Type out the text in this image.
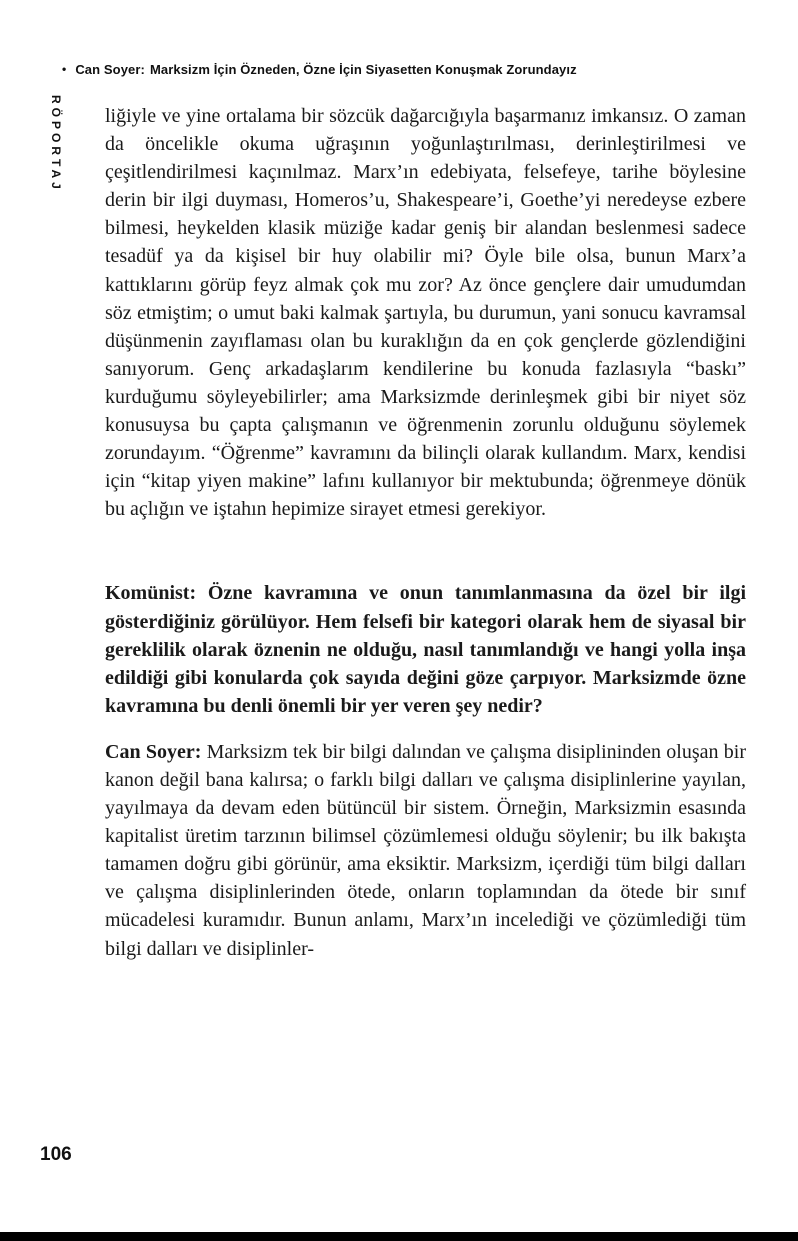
• Can Soyer: Marksizm İçin Özneden, Özne İçin Siyasetten Konuşmak Zorundayız
RÖPORTAJ liğiyle ve yine ortalama bir sözcük dağarcığıyla başarmanız imkansız. O zaman da öncelikle okuma uğraşının yoğunlaştırılması, derinleştirilmesi ve çeşitlendirilmesi kaçınılmaz. Marx’ın edebiyata, felsefeye, tarihe böylesine derin bir ilgi duyması, Homeros’u, Shakespeare’i, Goethe’yi neredeyse ezbere bilmesi, heykelden klasik müziğe kadar geniş bir alandan beslenmesi sadece tesadüf ya da kişisel bir huy olabilir mi? Öyle bile olsa, bunun Marx’a kattıklarını görüp feyz almak çok mu zor? Az önce gençlere dair umudumdan söz etmiştim; o umut baki kalmak şartıyla, bu durumun, yani sonucu kavramsal düşünmenin zayıflaması olan bu kuraklığın da en çok gençlerde gözlendiğini sanıyorum. Genç arkadaşlarım kendilerine bu konuda fazlasıyla “baskı” kurduğumu söyleyebilirler; ama Marksizmde derinleşmek gibi bir niyet söz konusuysa bu çapta çalışmanın ve öğrenmenin zorunlu olduğunu söylemek zorundayım. “Öğrenme” kavramını da bilinçli olarak kullandım. Marx, kendisi için “kitap yiyen makine” lafını kullanıyor bir mektubunda; öğrenmeye dönük bu açlığın ve iştahın hepimize sirayet etmesi gerekiyor.

Komünist: Özne kavramına ve onun tanımlanmasına da özel bir ilgi gösterdiğiniz görülüyor. Hem felsefi bir kategori olarak hem de siyasal bir gereklilik olarak öznenin ne olduğu, nasıl tanımlandığı ve hangi yolla inşa edildiği gibi konularda çok sayıda değini göze çarpıyor. Marksizmde özne kavramına bu denli önemli bir yer veren şey nedir?

Can Soyer: Marksizm tek bir bilgi dalından ve çalışma disiplininden oluşan bir kanon değil bana kalırsa; o farklı bilgi dalları ve çalışma disiplinlerine yayılan, yayılmaya da devam eden bütüncül bir sistem. Örneğin, Marksizmin esasında kapitalist üretim tarzının bilimsel çözümlemesi olduğu söylenir; bu ilk bakışta tamamen doğru gibi görünür, ama eksiktir. Marksizm, içerdiği tüm bilgi dalları ve çalışma disiplinlerinden ötede, onların toplamından da ötede bir sınıf mücadelesi kuramıdır. Bunun anlamı, Marx’ın incelediği ve çözümlediği tüm bilgi dalları ve disiplinler-

106
